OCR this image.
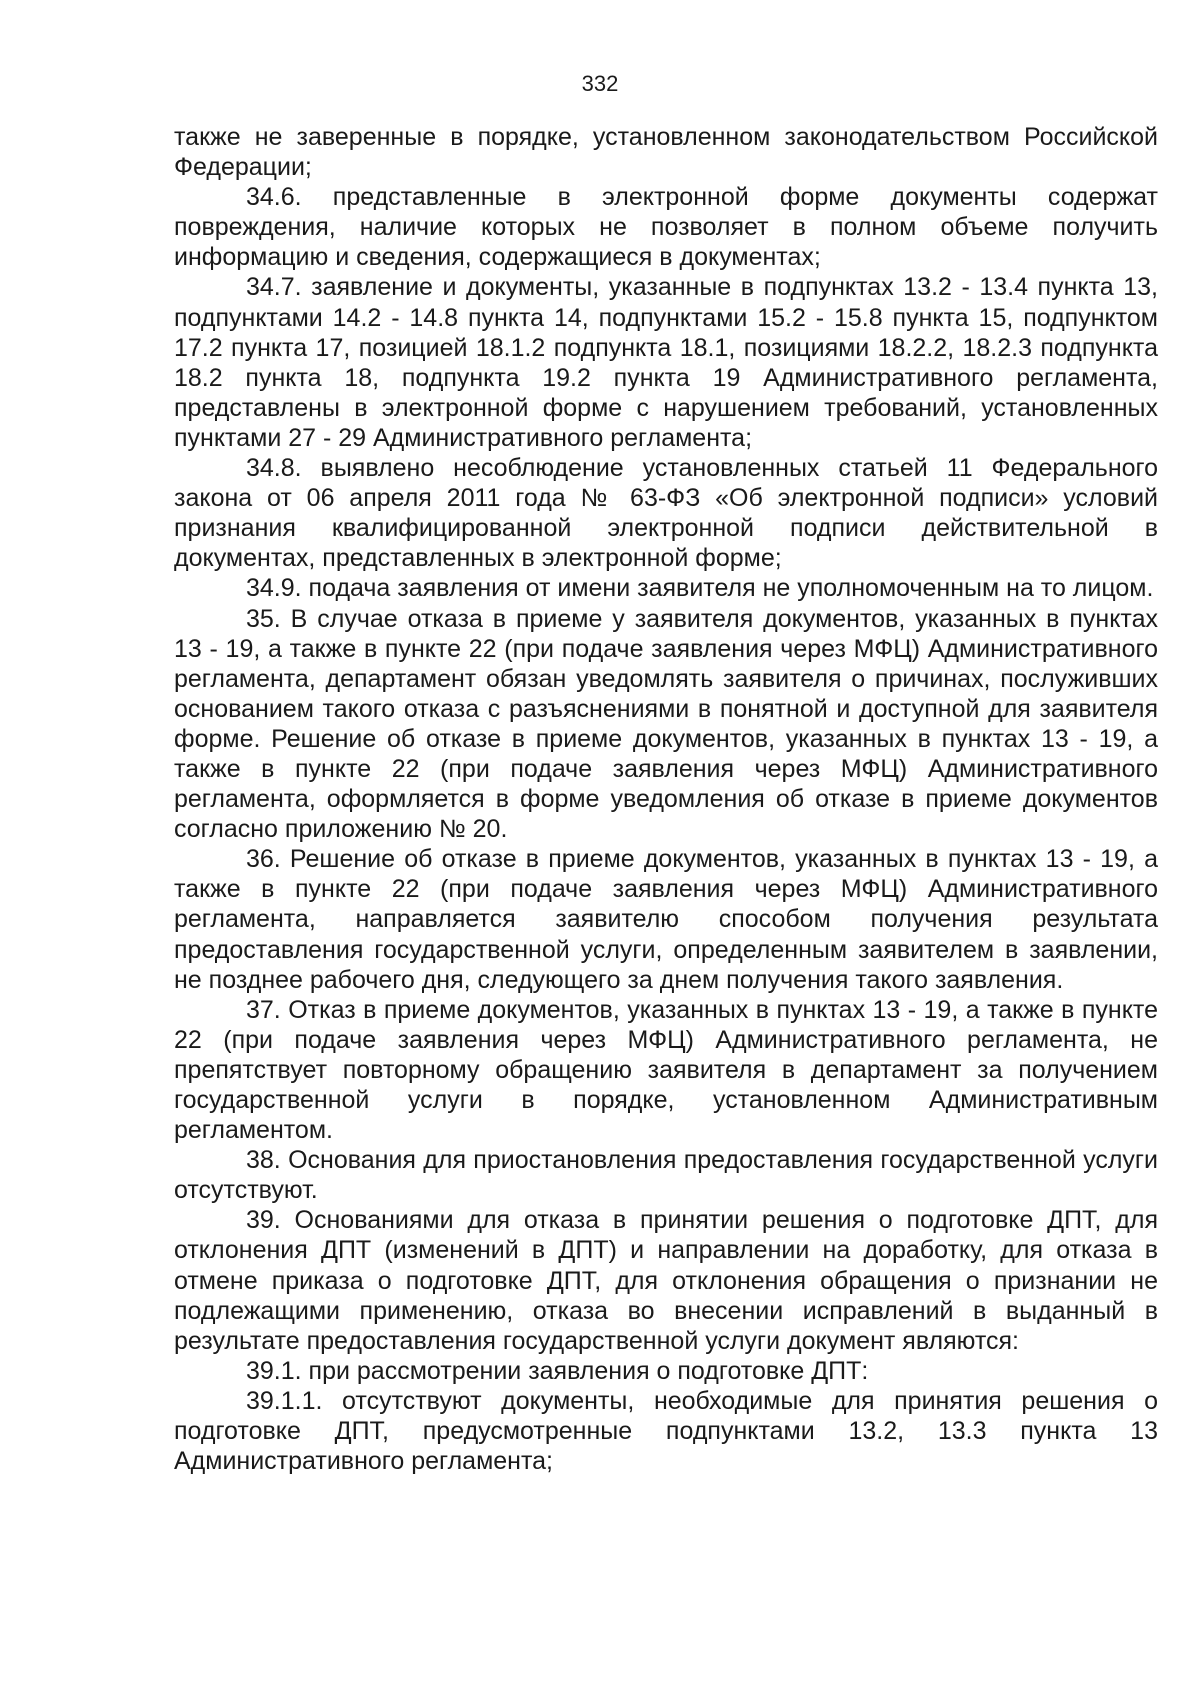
332

также не заверенные в порядке, установленном законодательством Российской Федерации;

34.6. представленные в электронной форме документы содержат повреждения, наличие которых не позволяет в полном объеме получить информацию и сведения, содержащиеся в документах;

34.7. заявление и документы, указанные в подпунктах 13.2 - 13.4 пункта 13, подпунктами 14.2 - 14.8 пункта 14, подпунктами 15.2 - 15.8 пункта 15, подпунктом 17.2 пункта 17, позицией 18.1.2 подпункта 18.1, позициями 18.2.2, 18.2.3 подпункта 18.2 пункта 18, подпункта 19.2 пункта 19 Административного регламента, представлены в электронной форме с нарушением требований, установленных пунктами 27 - 29 Административного регламента;

34.8. выявлено несоблюдение установленных статьей 11 Федерального закона от 06 апреля 2011 года № 63-ФЗ «Об электронной подписи» условий признания квалифицированной электронной подписи действительной в документах, представленных в электронной форме;

34.9. подача заявления от имени заявителя не уполномоченным на то лицом.

35. В случае отказа в приеме у заявителя документов, указанных в пунктах 13 - 19, а также в пункте 22 (при подаче заявления через МФЦ) Административного регламента, департамент обязан уведомлять заявителя о причинах, послуживших основанием такого отказа с разъяснениями в понятной и доступной для заявителя форме. Решение об отказе в приеме документов, указанных в пунктах 13 - 19, а также в пункте 22 (при подаче заявления через МФЦ) Административного регламента, оформляется в форме уведомления об отказе в приеме документов согласно приложению № 20.

36. Решение об отказе в приеме документов, указанных в пунктах 13 - 19, а также в пункте 22 (при подаче заявления через МФЦ) Административного регламента, направляется заявителю способом получения результата предоставления государственной услуги, определенным заявителем в заявлении, не позднее рабочего дня, следующего за днем получения такого заявления.

37. Отказ в приеме документов, указанных в пунктах 13 - 19, а также в пункте 22 (при подаче заявления через МФЦ) Административного регламента, не препятствует повторному обращению заявителя в департамент за получением государственной услуги в порядке, установленном Административным регламентом.

38. Основания для приостановления предоставления государственной услуги отсутствуют.

39. Основаниями для отказа в принятии решения о подготовке ДПТ, для отклонения ДПТ (изменений в ДПТ) и направлении на доработку, для отказа в отмене приказа о подготовке ДПТ, для отклонения обращения о признании не подлежащими применению, отказа во внесении исправлений в выданный в результате предоставления государственной услуги документ являются:

39.1. при рассмотрении заявления о подготовке ДПТ:

39.1.1. отсутствуют документы, необходимые для принятия решения о подготовке ДПТ, предусмотренные подпунктами 13.2, 13.3 пункта 13 Административного регламента;
